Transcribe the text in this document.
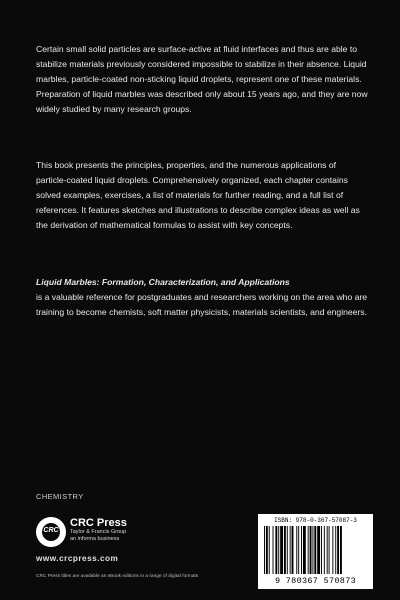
Certain small solid particles are surface-active at fluid interfaces and thus are able to stabilize materials previously considered impossible to stabilize in their absence. Liquid marbles, particle-coated non-sticking liquid droplets, represent one of these materials. Preparation of liquid marbles was described only about 15 years ago, and they are now widely studied by many research groups.

This book presents the principles, properties, and the numerous applications of particle-coated liquid droplets. Comprehensively organized, each chapter contains solved examples, exercises, a list of materials for further reading, and a full list of references. It features sketches and illustrations to describe complex ideas as well as the derivation of mathematical formulas to assist with key concepts.

Liquid Marbles: Formation, Characterization, and Applications
is a valuable reference for postgraduates and researchers working on the area who are training to become chemists, soft matter physicists, materials scientists, and engineers.
CHEMISTRY
CRC
CRC Press
Taylor & Francis Group
an informa business
www.crcpress.com
CRC Press titles are available as eBook editions in a range of digital formats
ISBN: 978-0-367-57087-3
9 780367 570873
